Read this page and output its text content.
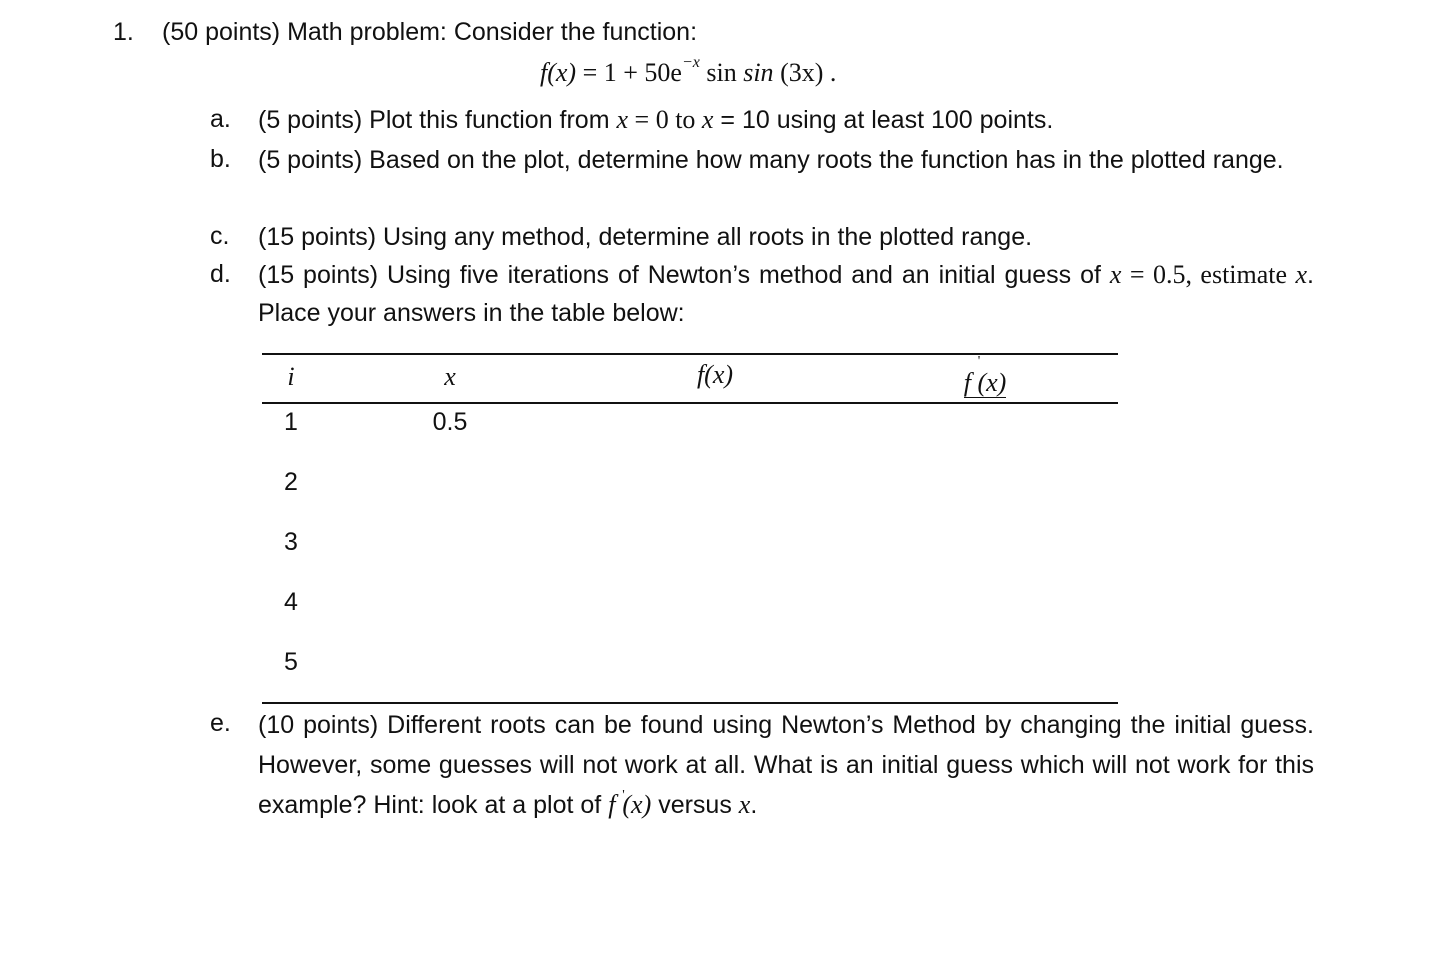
1. (50 points) Math problem: Consider the function:
$f(x) = 1 + 50e^{-x}$ sin sin (3x) .
a. (5 points) Plot this function from x = 0 to x = 10 using at least 100 points.
b. (5 points) Based on the plot, determine how many roots the function has in the plotted range.
c. (15 points) Using any method, determine all roots in the plotted range.
d. (15 points) Using five iterations of Newton’s method and an initial guess of x = 0.5, estimate x. Place your answers in the table below:
i	x	f(x)	f ' (x)
1	0.5
2
3
4
5
e. (10 points) Different roots can be found using Newton’s Method by changing the initial guess. However, some guesses will not work at all. What is an initial guess which will not work for this example? Hint: look at a plot of f ' (x) versus x.
